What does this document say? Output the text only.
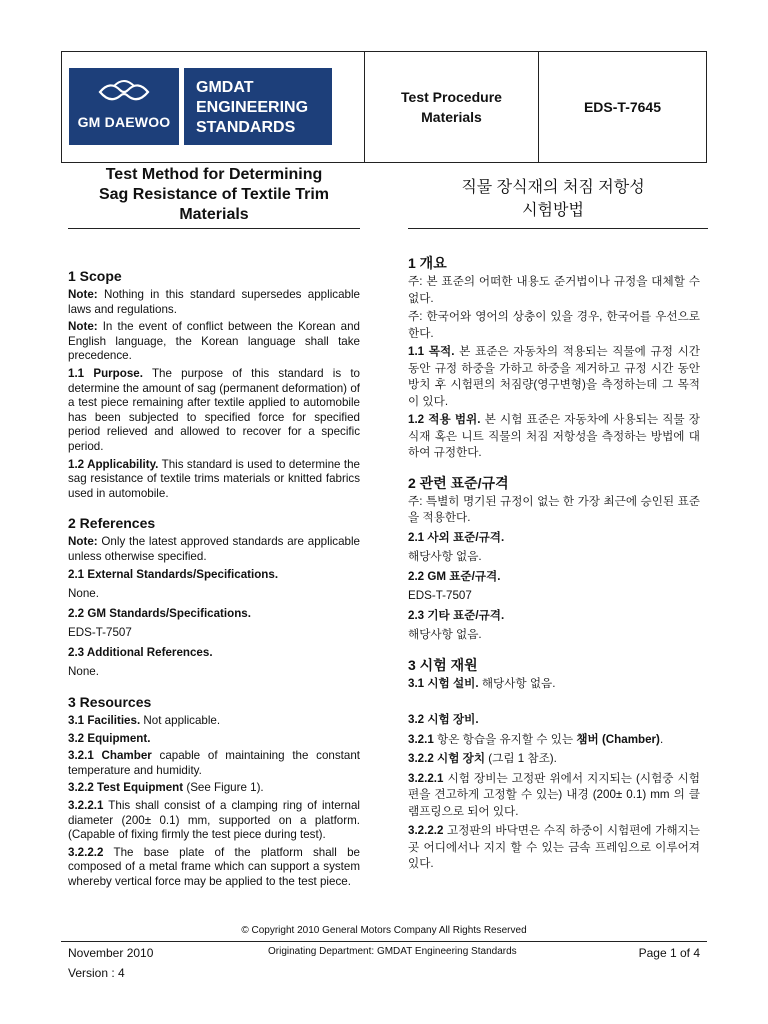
GM DAEWOO
GMDAT
ENGINEERING
STANDARDS
Test Procedure
Materials
EDS-T-7645
Test Method for Determining
Sag Resistance of Textile Trim
Materials
직물 장식재의 처짐 저항성
시험방법

1 Scope

Note: Nothing in this standard supersedes applicable laws and regulations.

Note: In the event of conflict between the Korean and English language, the Korean language shall take precedence.

1.1 Purpose. The purpose of this standard is to determine the amount of sag (permanent deformation) of a test piece remaining after textile applied to automobile has been subjected to specified force for specified period relieved and allowed to recover for a specific period.

1.2 Applicability. This standard is used to determine the sag resistance of textile trims materials or knitted fabrics used in automobile.

2 References

Note: Only the latest approved standards are applicable unless otherwise specified.

2.1 External Standards/Specifications.

None.

2.2 GM Standards/Specifications.

EDS-T-7507

2.3 Additional References.

None.

3 Resources

3.1 Facilities. Not applicable.

3.2 Equipment.

3.2.1 Chamber capable of maintaining the constant temperature and humidity.

3.2.2 Test Equipment (See Figure 1).

3.2.2.1 This shall consist of a clamping ring of internal diameter (200± 0.1) mm, supported on a platform. (Capable of fixing firmly the test piece during test).

3.2.2.2 The base plate of the platform shall be composed of a metal frame which can support a system whereby vertical force may be applied to the test piece.

1 개요

주: 본 표준의 어떠한 내용도 준거법이나 규정을 대체할 수 없다.

주: 한국어와 영어의 상충이 있을 경우, 한국어를 우선으로 한다.

1.1 목적. 본 표준은 자동차의 적용되는 직물에 규정 시간 동안 규정 하중을 가하고 하중을 제거하고 규정 시간 동안 방치 후 시험편의 처짐량(영구변형)을 측정하는데 그 목적이 있다.

1.2 적용 범위. 본 시험 표준은 자동차에 사용되는 직물 장식재 혹은 니트 직물의 처짐 저항성을 측정하는 방법에 대하여 규정한다.

2 관련 표준/규격

주: 특별히 명기된 규정이 없는 한 가장 최근에 승인된 표준을 적용한다.

2.1 사외 표준/규격.

해당사항 없음.

2.2 GM 표준/규격.

EDS-T-7507

2.3 기타 표준/규격.

해당사항 없음.

3 시험 재원

3.1 시험 설비. 해당사항 없음.

3.2 시험 장비.

3.2.1 항온 항습을 유지할 수 있는 챔버 (Chamber).

3.2.2 시험 장치 (그림 1 참조).

3.2.2.1 시험 장비는 고정판 위에서 지지되는 (시험중 시험편을 견고하게 고정할 수 있는) 내경 (200± 0.1) mm 의 클램프링으로 되어 있다.

3.2.2.2 고정판의 바닥면은 수직 하중이 시험편에 가해지는 곳 어디에서나 지지 할 수 있는 금속 프레임으로 이루어져 있다.

© Copyright 2010 General Motors Company All Rights Reserved
November 2010	Originating Department: GMDAT Engineering Standards	Page 1 of 4
Version : 4
